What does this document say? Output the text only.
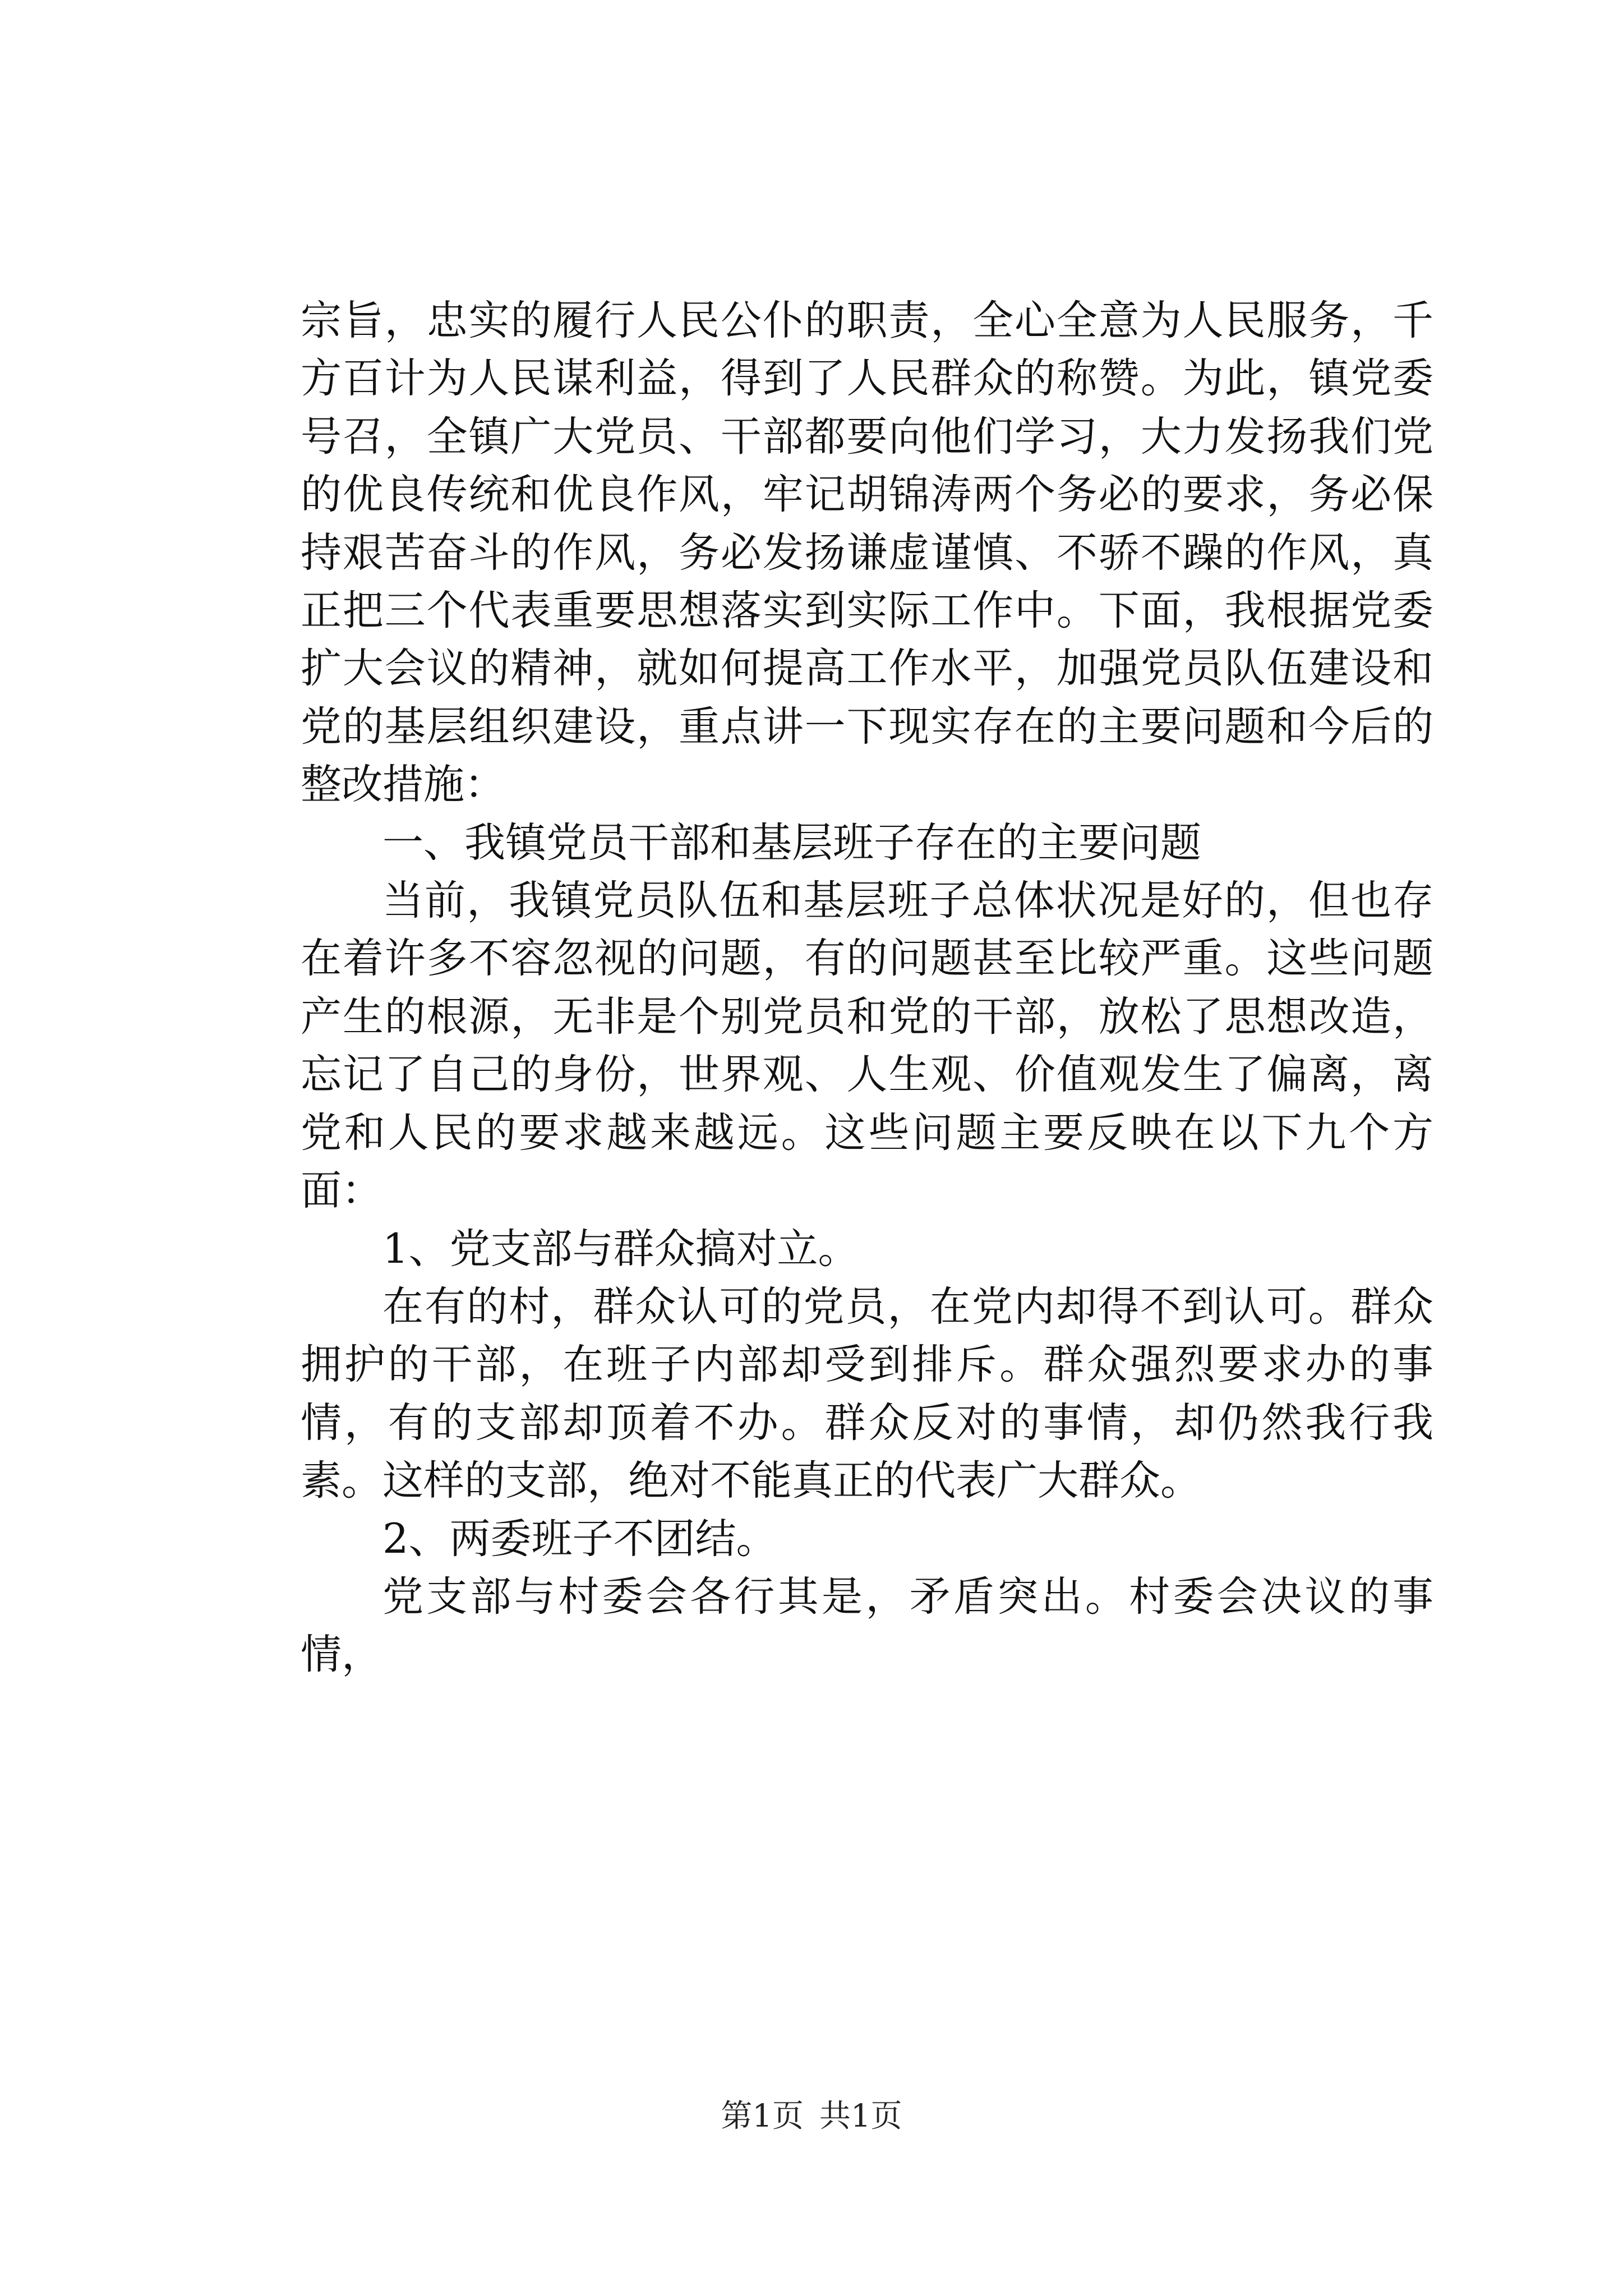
宗旨，忠实的履行人民公仆的职责，全心全意为人民服务，千方百计为人民谋利益，得到了人民群众的称赞。为此，镇党委号召，全镇广大党员、干部都要向他们学习，大力发扬我们党的优良传统和优良作风，牢记胡锦涛两个务必的要求，务必保持艰苦奋斗的作风，务必发扬谦虚谨慎、不骄不躁的作风，真正把三个代表重要思想落实到实际工作中。下面，我根据党委扩大会议的精神，就如何提高工作水平，加强党员队伍建设和党的基层组织建设，重点讲一下现实存在的主要问题和今后的整改措施：

一、我镇党员干部和基层班子存在的主要问题

当前，我镇党员队伍和基层班子总体状况是好的，但也存在着许多不容忽视的问题，有的问题甚至比较严重。这些问题产生的根源，无非是个别党员和党的干部，放松了思想改造，忘记了自己的身份，世界观、人生观、价值观发生了偏离，离党和人民的要求越来越远。这些问题主要反映在以下九个方面：

1、党支部与群众搞对立。

在有的村，群众认可的党员，在党内却得不到认可。群众拥护的干部，在班子内部却受到排斥。群众强烈要求办的事情，有的支部却顶着不办。群众反对的事情，却仍然我行我素。这样的支部，绝对不能真正的代表广大群众。

2、两委班子不团结。

党支部与村委会各行其是，矛盾突出。村委会决议的事情，

第1页 共1页
